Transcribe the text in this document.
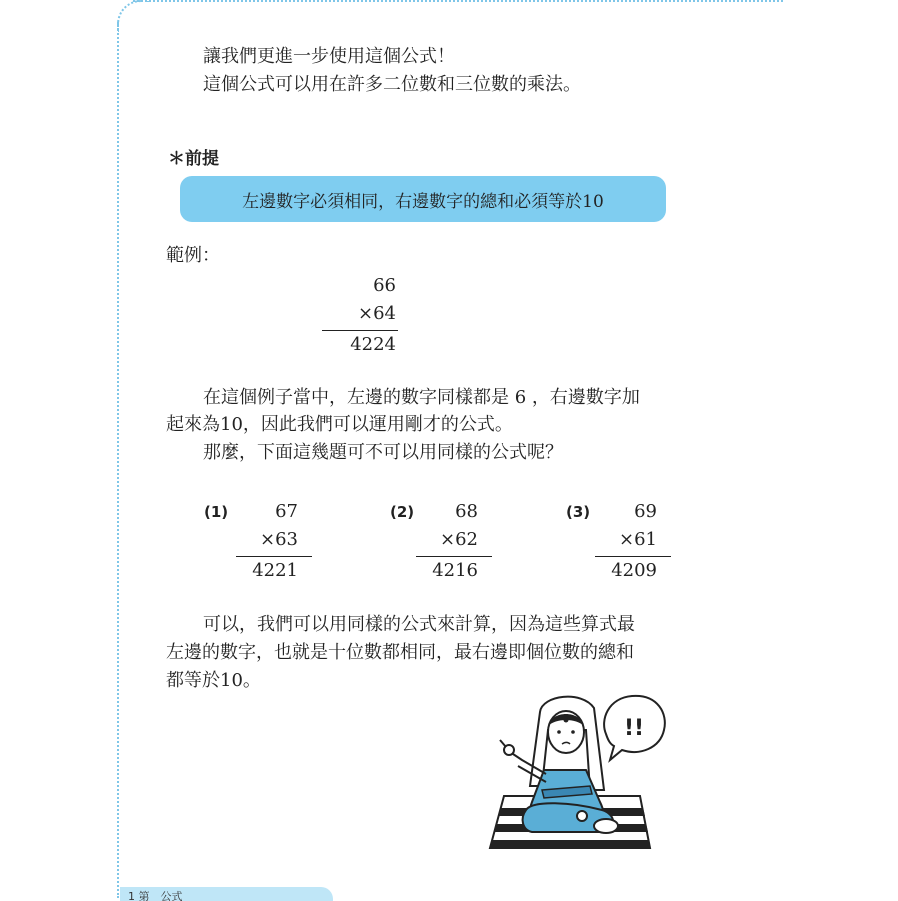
讓我們更進一步使用這個公式！
這個公式可以用在許多二位數和三位數的乘法。
＊前提
左邊數字必須相同，右邊數字的總和必須等於10
範例：
66
×64
4224
在這個例子當中，左邊的數字同樣都是 6 ，右邊數字加
起來為10，因此我們可以運用剛才的公式。
那麼，下面這幾題可不可以用同樣的公式呢？
(1)	67
×63
4221
(2)	68
×62
4216
(3)	69
×61
4209
可以，我們可以用同樣的公式來計算，因為這些算式最
左邊的數字，也就是十位數都相同，最右邊即個位數的總和
都等於10。
!!
1 第　公式
